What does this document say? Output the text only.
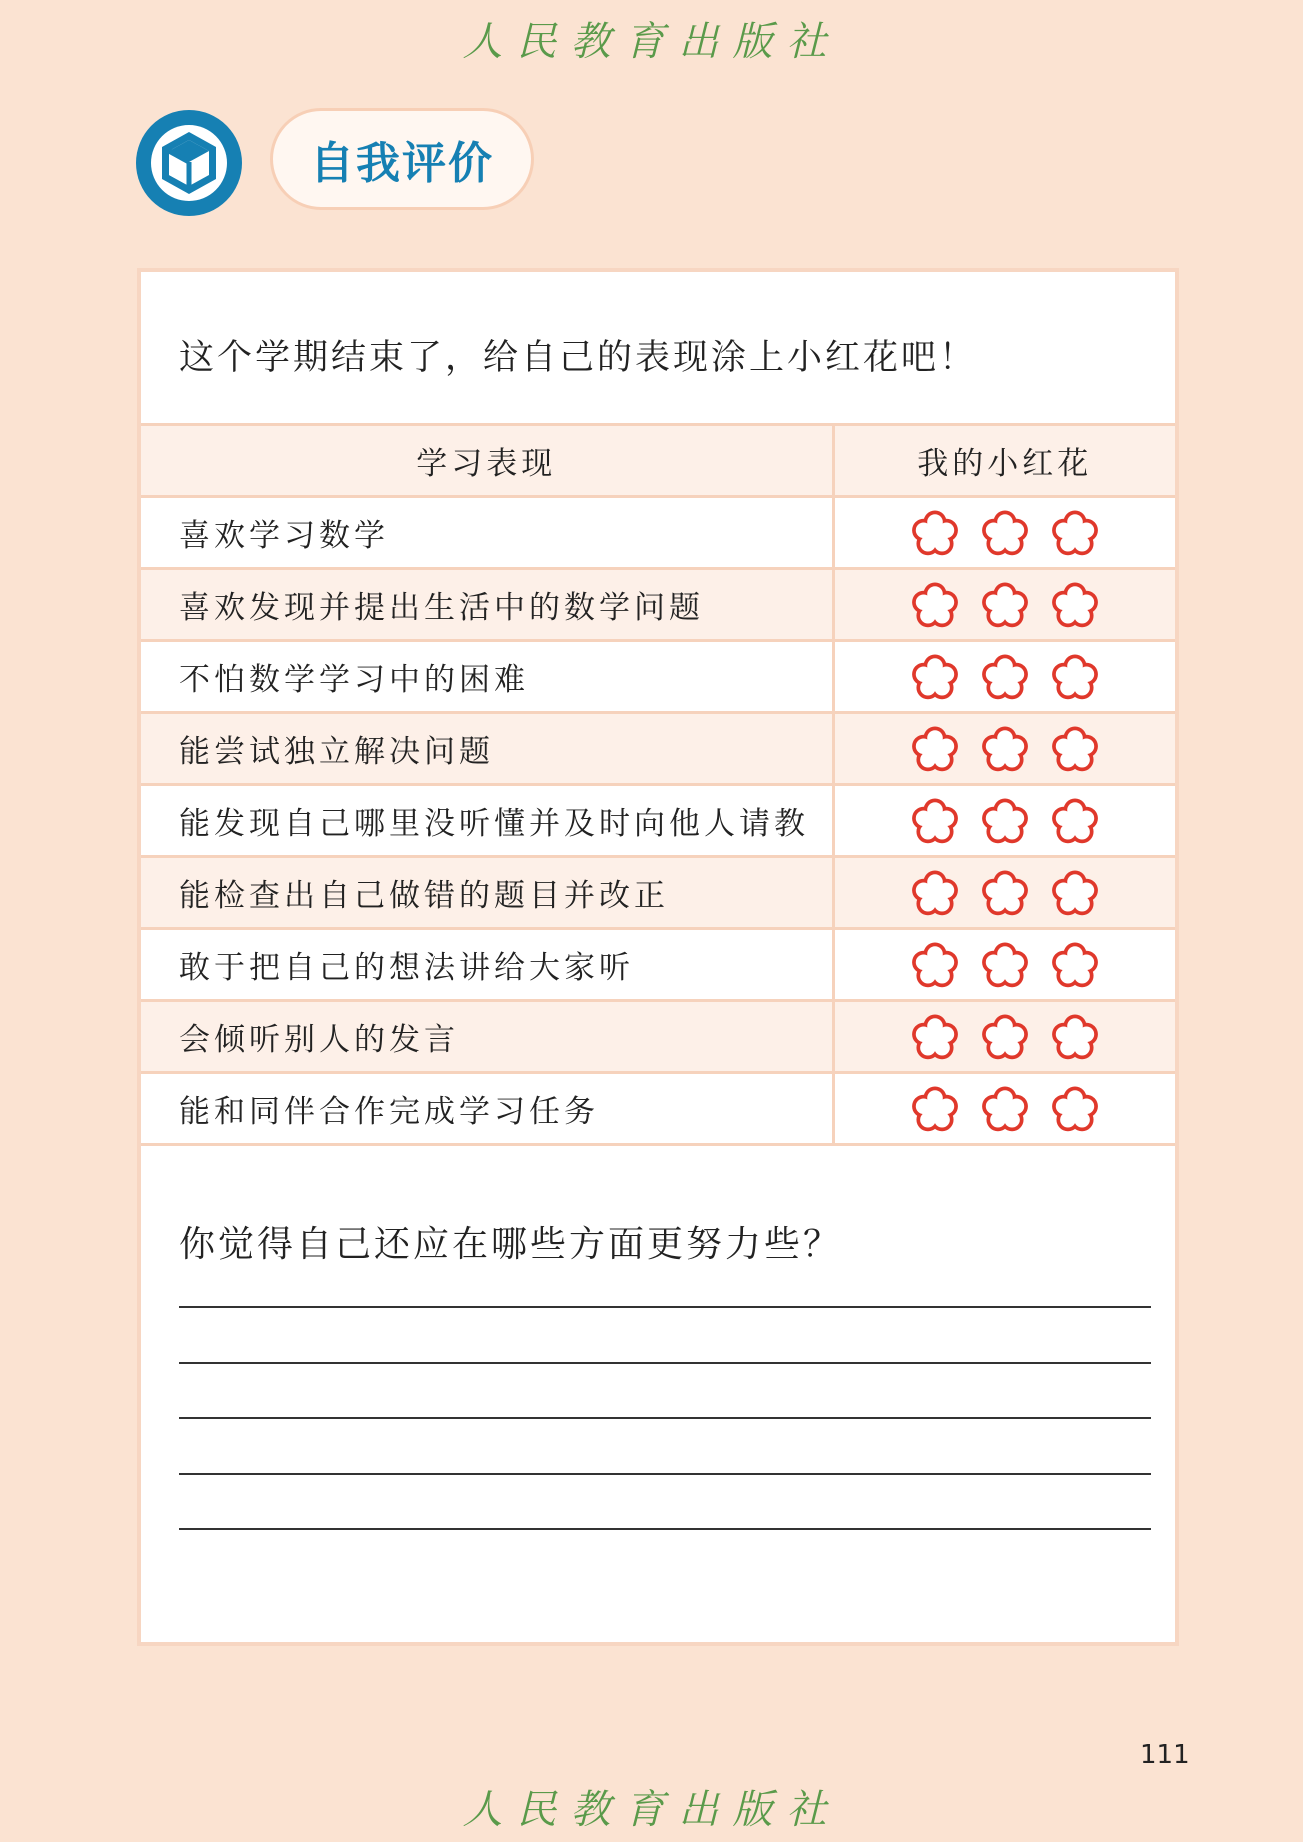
人民教育出版社
自我评价
这个学期结束了，给自己的表现涂上小红花吧！
学习表现	我的小红花
喜欢学习数学	
喜欢发现并提出生活中的数学问题	
不怕数学学习中的困难	
能尝试独立解决问题	
能发现自己哪里没听懂并及时向他人请教	
能检查出自己做错的题目并改正	
敢于把自己的想法讲给大家听	
会倾听别人的发言	
能和同伴合作完成学习任务	
你觉得自己还应在哪些方面更努力些？
111
人民教育出版社
